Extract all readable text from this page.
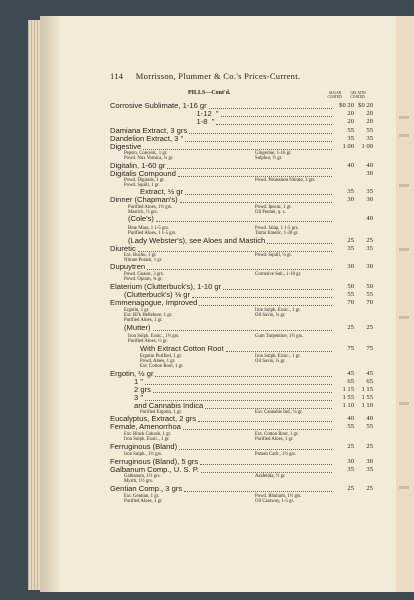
114 Morrisson, Plummer & Co.'s Prices-Current.
PILLS—Cont'd.	SUGAR COATED.
GELATIN COATED.
Corrosive Sublimate, 1-16 gr	$0 20 $0 20
1-12  "	20	20
1-8  "	20	20
Damiana Extract, 3 grs	55	55
Dandelion Extract, 3 "	35	35
Digestive	1 00	1 00
Pepsin, Concent., 1 gr.	Gingerine, 1-16 gr.
Powd. Nux Vomica, ¼ gr.	Sulphur, ½ gr.
Digitalin, 1-60 gr	40	40
Digitalis Compound	30
Powd. Digitalis, 1 gr.	Powd. Potassium Nitrate, 3 grs.
Powd. Squill, 1 gr.
Extract, ½ gr	35	35
Dinner (Chapman's)	30	30
Purified Aloes, 1½ grs.	Powd. Ipecac, 1 gr.
Mastich, ½ grs.	Oil Fennel, q. s.
(Cole's)	40
Blue Mass, 1 1-5 grs.	Powd. Jalap, 1 1-5 grs.
Purified Aloes, 1 1-5 grs.	Tartar Emetic, 1-30 gr.
(Lady Webster's), see Aloes and Mastich	25	25
Diuretic	35	35
Ext. Buchu, 1 gr.	Powd. Squill, ¼ gr.
Nitrate Potash, 1 gr.
Dupuytren	30	30
Powd. Guaiac, 3 grs.	Corrosive Sub., 1-10 gr.
Powd. Opium, ¾ gr.
Elaterium (Clutterbuck's), 1-10 gr	50	50
(Clutterbuck's) ⅛ gr	55	55
Emmenagogue, Improved	70	70
Ergotin, 1 gr.	Iron Sulph. Exsic., 1 gr.
Ext. BI'k Hellebore, 1 gr.	Oil Savin, ¼ gr.
Purified Aloes, 1 gr.
(Mutter)	25	25
Iron Sulph. Exsic., 1½ grs.	Gum Turpentine, 1½ grs.
Purified Aloes, ½ gr.
With Extract Cotton Root	75	75
Ergotin Purified, 1 gr.	Iron Sulph. Exsic., 1 gr.
Powd. Aloes, 1 gr.	Oil Savin, ¼ gr.
Ext. Cotton Root, 1 gr.
Ergotin, ½ gr	45	45
1 "	65	65
2 grs	1 15	1 15
3 "	1 55	1 55
and Cannabis Indica	1 10	1 10
Purified Ergotin, 1 gr.	Ext. Cannabis Ind., ¼ gr.
Eucalyptus, Extract, 2 grs	40	40
Female, Amenorrhoa	55	55
Ext. Black Cohosh, 1 gr.	Ext. Cotton Root, 1 gr.
Iron Sulph. Exsic., 1 gr.	Purified Aloes, 1 gr.
Ferruginous (Bland)	25	25
Iron Sulph., 1½ grs.	Potash Carb., 1½ grs.
Ferruginous (Bland), 5 grs	30	30
Galbanum Comp., U. S. P.	35	35
Galbanum, 1½ grs.	Asafetida, ½ gr.
Myrrh, 1½ grs.
Gentian Comp., 3 grs	25	25
Ext. Gentian, 1 gr.	Powd. Rhubarb, 1½ grs.
Purified Aloes, 1 gr.	Oil Caraway, 1-5 gr.
